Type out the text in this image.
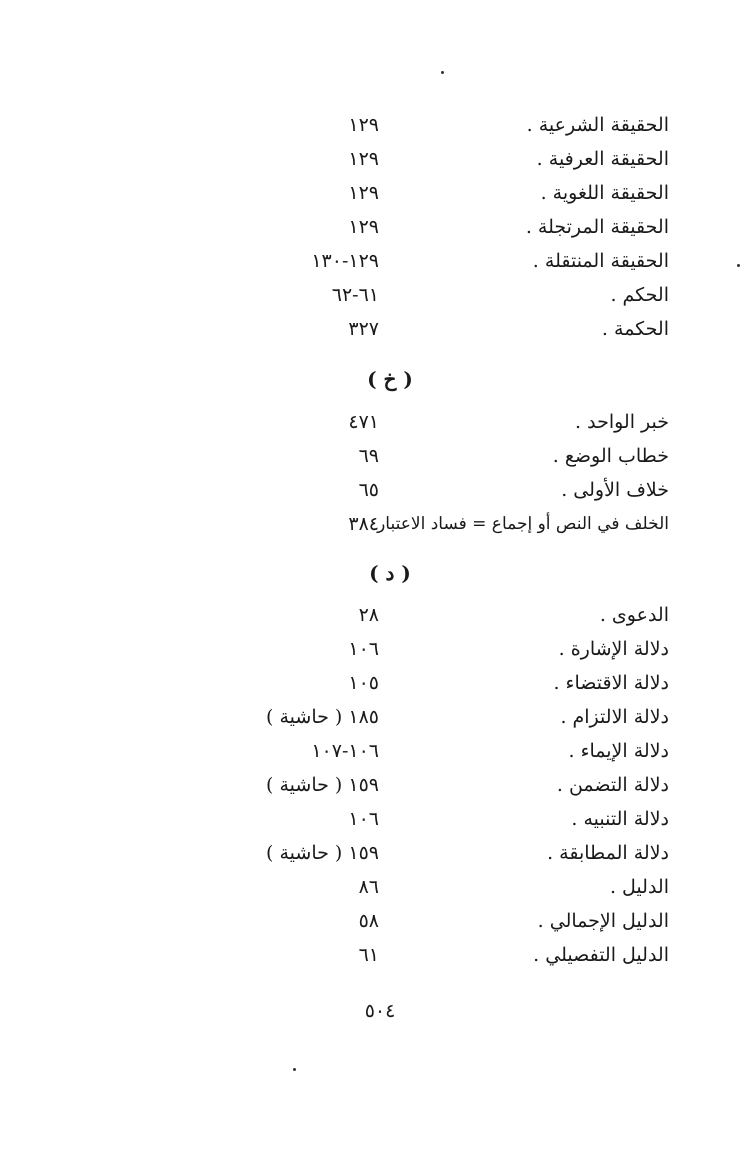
الحقيقة الشرعية .
١٢٩
الحقيقة العرفية .
١٢٩
الحقيقة اللغوية .
١٢٩
الحقيقة المرتجلة .
١٢٩
الحقيقة المنتقلة .
١٢٩-١٣٠
الحكم .
٦١-٦٢
الحكمة .
٣٢٧
( خ )
خبر الواحد .
٤٧١
خطاب الوضع .
٦٩
خلاف الأولى .
٦٥
الخلف في النص أو إجماع = فساد الاعتبار
٣٨٤
( د )
الدعوى .
٢٨
دلالة الإشارة .
١٠٦
دلالة الاقتضاء .
١٠٥
دلالة الالتزام .
١٨٥ ( حاشية )
دلالة الإيماء .
١٠٦-١٠٧
دلالة التضمن .
١٥٩ ( حاشية )
دلالة التنبيه .
١٠٦
دلالة المطابقة .
١٥٩ ( حاشية )
الدليل .
٨٦
الدليل الإجمالي .
٥٨
الدليل التفصيلي .
٦١
٥٠٤
